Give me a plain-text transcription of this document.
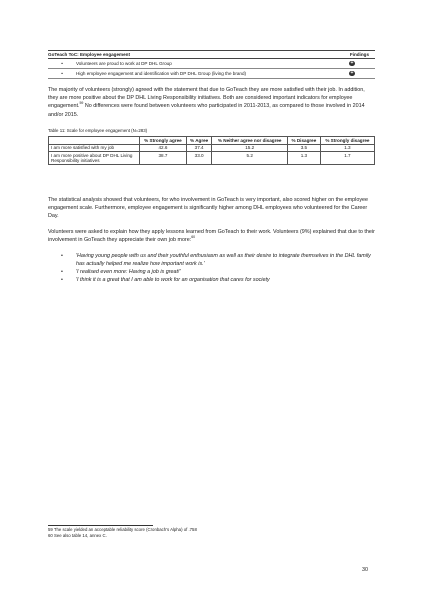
GoTeach ToC: Employee engagement	Findings
•	Volunteers are proud to work at DP DHL Group	+
•	High employee engagement and identification with DP DHL Group (living the brand)	+

The majority of volunteers (strongly) agreed with the statement that due to GoTeach they are more satisfied with their job. In addition, they are more positive about the DP DHL Living Responsibility initiatives. Both are considered important indicators for employee engagement.$^{59}$ No differences were found between volunteers who participated in 2011-2013, as compared to those involved in 2014 and/or 2015.

Table 11: Scale for employee engagement (N=283)
	% Strongly agree	% Agree	% Neither agree nor disagree	% Disagree	% Strongly disagree
I am more satisfied with my job	42.6	37.4	15.2	3.5	1.3
I am more positive about DP DHL Living Responsibility initiatives	38.7	33.0	5.2	1.3	1.7

The statistical analysis showed that volunteers, for who involvement in GoTeach is very important, also scored higher on the employee engagement scale. Furthermore, employee engagement is significantly higher among DHL employees who volunteered for the Career Day.

Volunteers were asked to explain how they apply lessons learned from GoTeach to their work. Volunteers (9%) explained that due to their involvement in GoTeach they appreciate their own job more:$^{60}$

•	'Having young people with us and their youthful enthusiasm as well as their desire to integrate themselves in the DHL family has actually helped me realize how important work is.'
•	'I realised even more: Having a job is great!'
•	'I think it is a great that I am able to work for an organisation that cares for society
59 The scale yielded an acceptable reliability score (Cronbach's Alpha) of .758
60 See also table 14, annex C.
30
